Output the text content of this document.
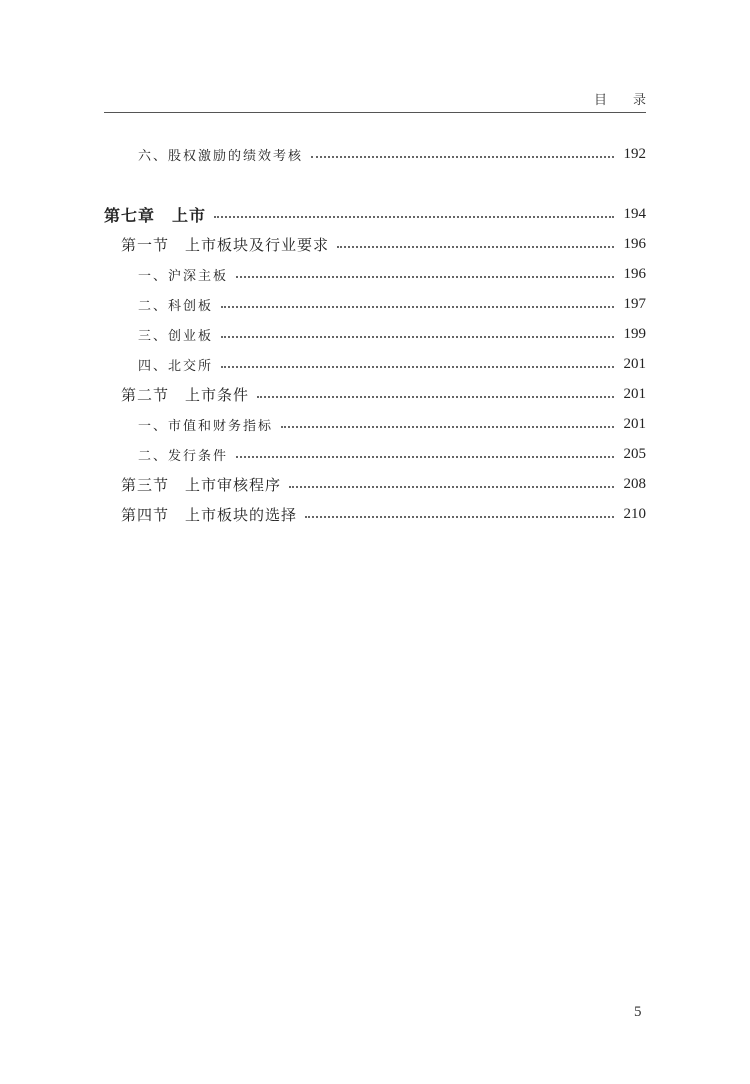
目录
六、股权激励的绩效考核	192
第七章　上市	194
第一节　上市板块及行业要求	196
一、沪深主板	196
二、科创板	197
三、创业板	199
四、北交所	201
第二节　上市条件	201
一、市值和财务指标	201
二、发行条件	205
第三节　上市审核程序	208
第四节　上市板块的选择	210
5
